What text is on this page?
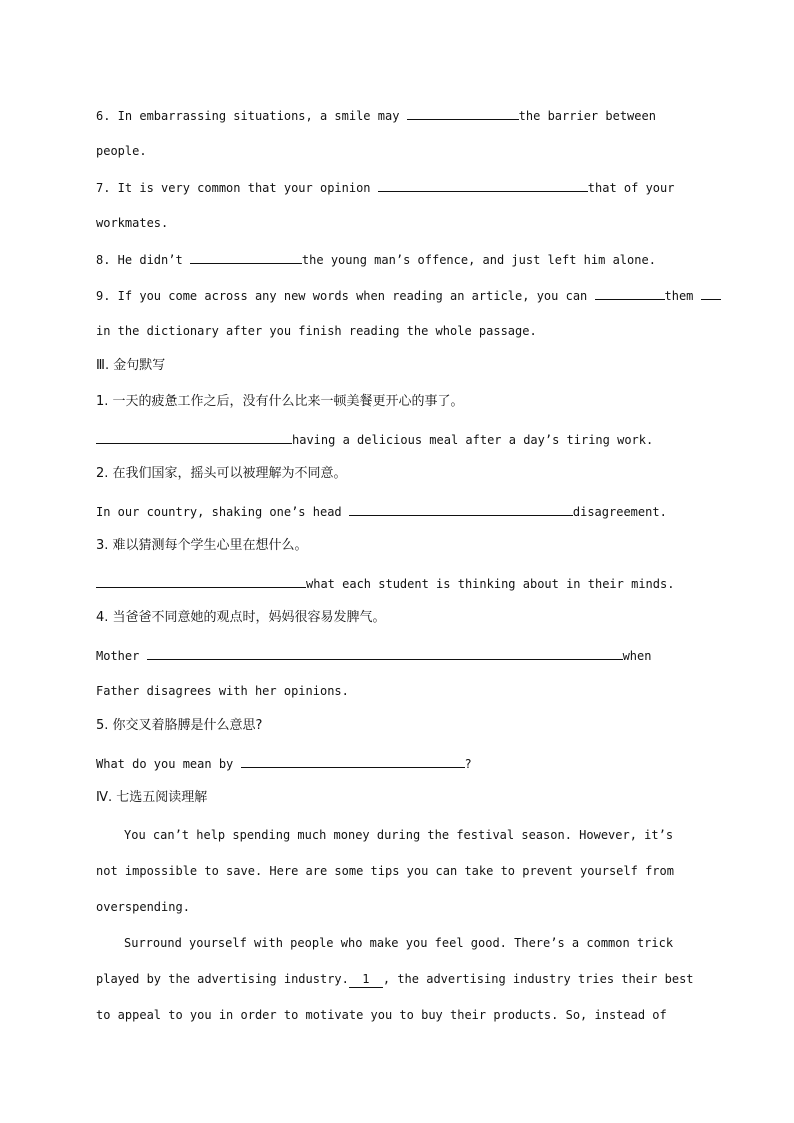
6. In embarrassing situations, a smile may	the barrier between
people.
7. It is very common that your opinion	that of your
workmates.
8. He didn’t	the young man’s offence, and just left him alone.
9. If you come across any new words when reading an article, you can	them
in the dictionary after you finish reading the whole passage.
Ⅲ. 金句默写
1. 一天的疲惫工作之后，没有什么比来一顿美餐更开心的事了。
having a delicious meal after a day’s tiring work.
2. 在我们国家，摇头可以被理解为不同意。
In our country, shaking one’s head	disagreement.
3. 难以猜测每个学生心里在想什么。
what each student is thinking about in their minds.
4. 当爸爸不同意她的观点时，妈妈很容易发脾气。
Mother	when
Father disagrees with her opinions.
5. 你交叉着胳膊是什么意思?
What do you mean by	?
Ⅳ. 七选五阅读理解
You can’t help spending much money during the festival season. However, it’s
not impossible to save. Here are some tips you can take to prevent yourself from
overspending.
Surround yourself with people who make you feel good. There’s a common trick
played by the advertising industry. 1 , the advertising industry tries their best
to appeal to you in order to motivate you to buy their products. So, instead of
